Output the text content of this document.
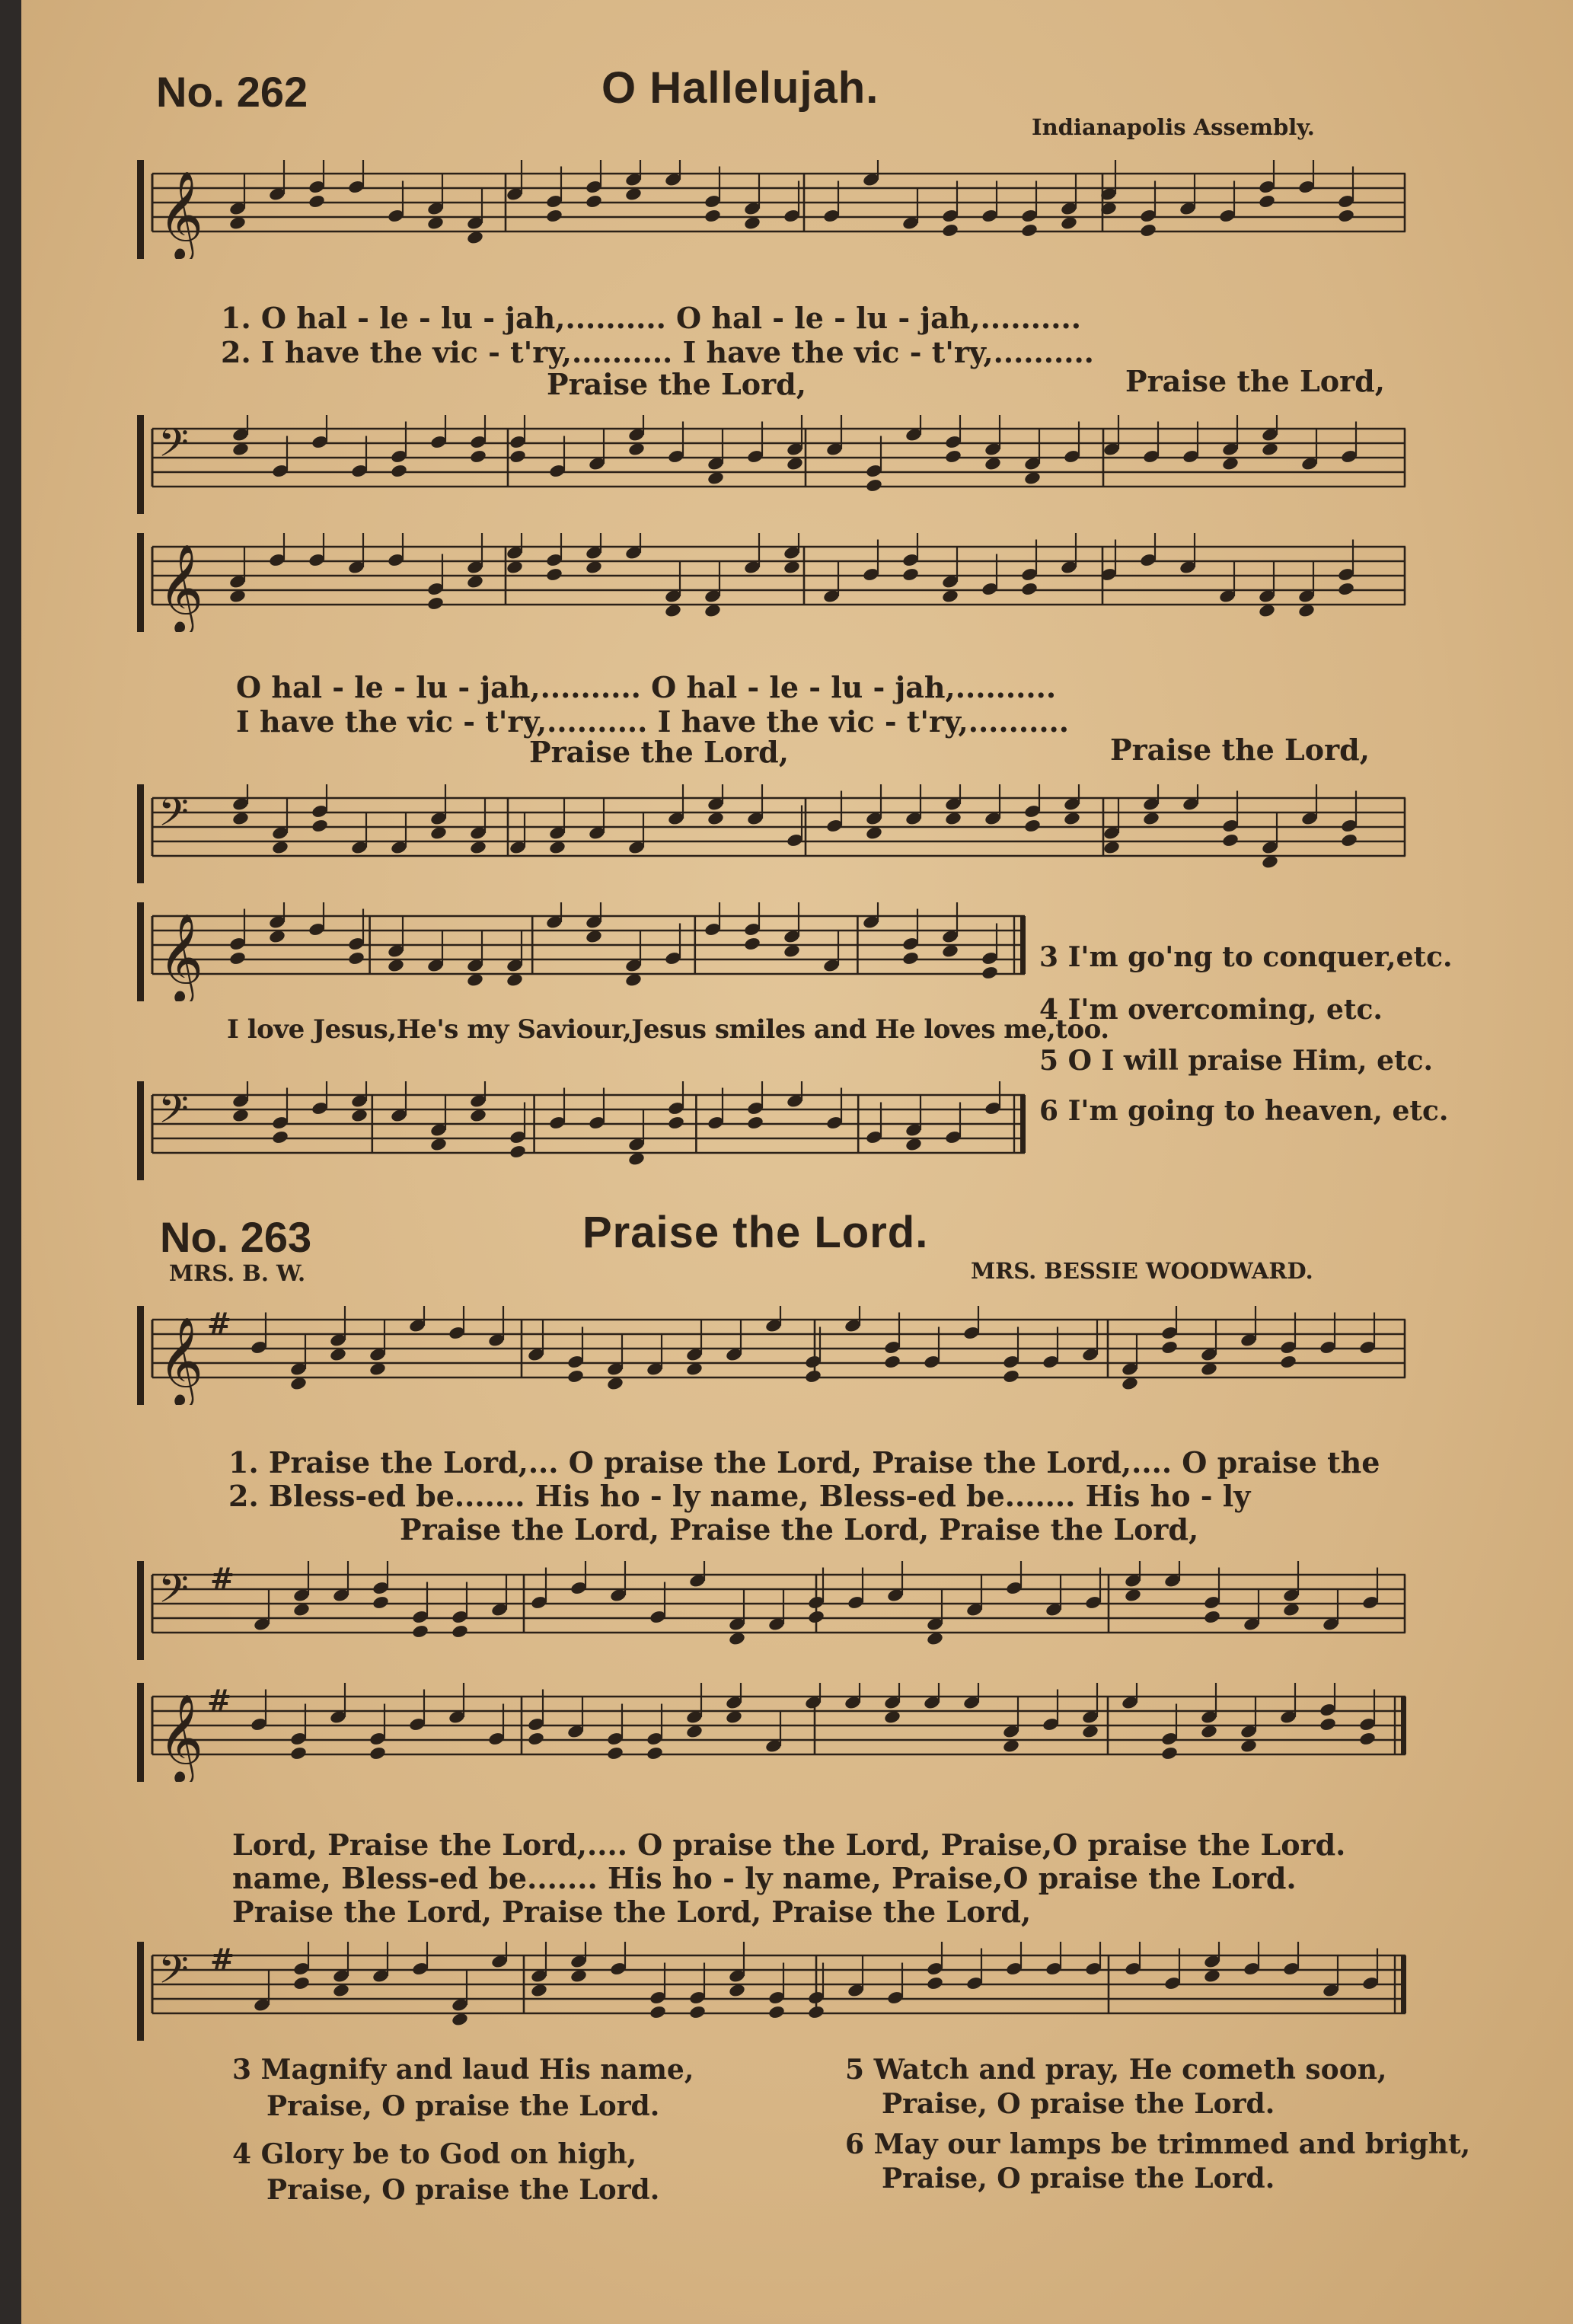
No. 262	O Hallelujah.
Indianapolis Assembly.
𝄞
1. O hal - le - lu - jah,.......... O hal - le - lu - jah,..........
2. I have the vic - t'ry,.......... I have the vic - t'ry,..........
Praise the Lord,	Praise the Lord,
𝄢
𝄞
O hal - le - lu - jah,.......... O hal - le - lu - jah,..........
I have the vic - t'ry,.......... I have the vic - t'ry,..........
Praise the Lord,	Praise the Lord,
𝄢
𝄞
I love Jesus,He's my Saviour,Jesus smiles and He loves me,too.
𝄢
3 I'm go'ng to conquer,etc.
4 I'm overcoming, etc.
5 O I will praise Him, etc.
6 I'm going to heaven, etc.
No. 263	Praise the Lord.
MRS. B. W.	MRS. BESSIE WOODWARD.
𝄞 #
1. Praise the Lord,... O praise the Lord, Praise the Lord,.... O praise the
2. Bless-ed be....... His ho - ly name, Bless-ed be....... His ho - ly
Praise the Lord, Praise the Lord, Praise the Lord,
𝄢 #
𝄞 #
Lord, Praise the Lord,.... O praise the Lord, Praise,O praise the Lord.
name, Bless-ed be....... His ho - ly name, Praise,O praise the Lord.
Praise the Lord, Praise the Lord, Praise the Lord,
𝄢 #
3 Magnify and laud His name,
Praise, O praise the Lord.
4 Glory be to God on high,
Praise, O praise the Lord.
5 Watch and pray, He cometh soon,
Praise, O praise the Lord.
6 May our lamps be trimmed and bright,
Praise, O praise the Lord.
